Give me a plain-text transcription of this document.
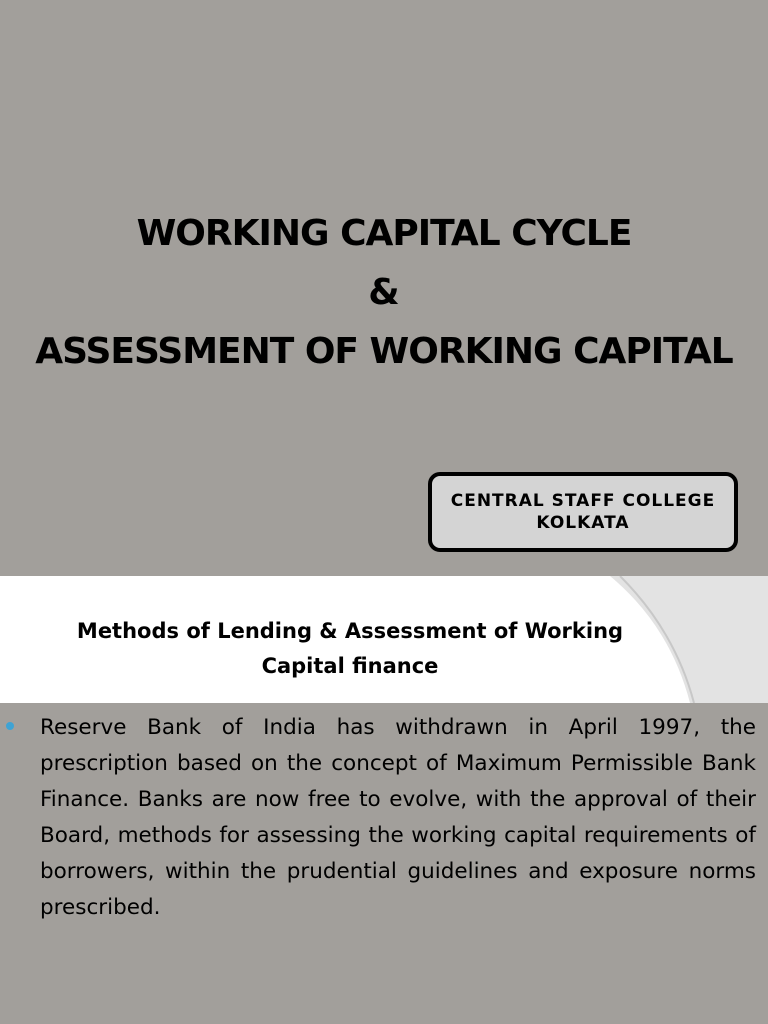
WORKING CAPITAL CYCLE
&
ASSESSMENT OF WORKING CAPITAL
CENTRAL STAFF COLLEGE
KOLKATA
Methods of Lending & Assessment of Working
Capital finance
Reserve Bank of India has withdrawn in April 1997, the prescription based on the concept of Maximum Permissible Bank Finance. Banks are now free to evolve, with the approval of their Board, methods for assessing the working capital requirements of borrowers, within the prudential guidelines and exposure norms prescribed.
